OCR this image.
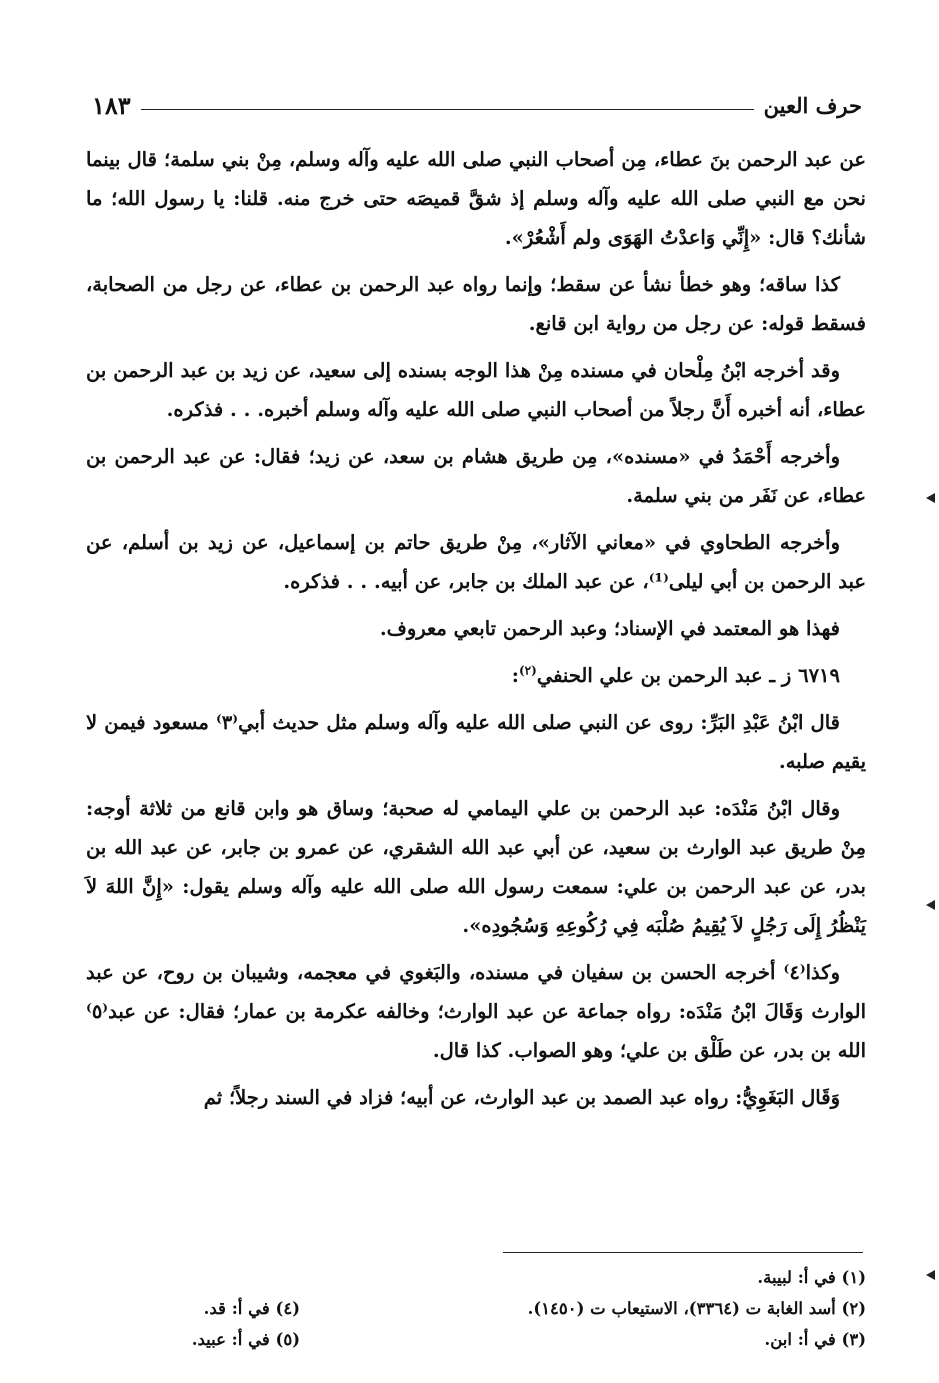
حرف العين
١٨٣

عن عبد الرحمن بنَ عطاء، مِن أصحاب النبي صلى الله عليه وآله وسلم، مِنْ بني سلمة؛ قال بينما نحن مع النبي صلى الله عليه وآله وسلم إذ شقَّ قميصَه حتى خرج منه. قلنا: يا رسول الله؛ ما شأنك؟ قال: «إِنِّي وَاعدْتُ الهَوَى ولم أَشْعُرْ».

كذا ساقه؛ وهو خطأ نشأ عن سقط؛ وإنما رواه عبد الرحمن بن عطاء، عن رجل من الصحابة، فسقط قوله: عن رجل من رواية ابن قانع.

وقد أخرجه ابْنُ مِلْحان في مسنده مِنْ هذا الوجه بسنده إلى سعيد، عن زيد بن عبد الرحمن بن عطاء، أنه أخبره أَنَّ رجلاً من أصحاب النبي صلى الله عليه وآله وسلم أخبره. . . فذكره.

وأخرجه أَحْمَدُ في «مسنده»، مِن طريق هشام بن سعد، عن زيد؛ فقال: عن عبد الرحمن بن عطاء، عن نَفَر من بني سلمة.

وأخرجه الطحاوي في «معاني الآثار»، مِنْ طريق حاتم بن إسماعيل، عن زيد بن أسلم، عن عبد الرحمن بن أبي ليلى⁽¹⁾، عن عبد الملك بن جابر، عن أبيه. . . فذكره.

فهذا هو المعتمد في الإسناد؛ وعبد الرحمن تابعي معروف.

٦٧١٩ ز ـ عبد الرحمن بن علي الحنفي$^{(٢)}$:

قال ابْنُ عَبْدِ البَرِّ: روى عن النبي صلى الله عليه وآله وسلم مثل حديث أبي⁽٣⁾ مسعود فيمن لا يقيم صلبه.

وقال ابْنُ مَنْدَه: عبد الرحمن بن علي اليمامي له صحبة؛ وساق هو وابن قانع من ثلاثة أوجه: مِنْ طريق عبد الوارث بن سعيد، عن أبي عبد الله الشقري، عن عمرو بن جابر، عن عبد الله بن بدر، عن عبد الرحمن بن علي: سمعت رسول الله صلى الله عليه وآله وسلم يقول: «إِنَّ اللهَ لاَ يَنْظُرُ إِلَى رَجُلٍ لاَ يُقِيمُ صُلْبَه فِي رُكُوعِهِ وَسُجُودِه».

وكذا⁽٤⁾ أخرجه الحسن بن سفيان في مسنده، والبَغوي في معجمه، وشيبان بن روح، عن عبد الوارث وَقَالَ ابْنُ مَنْدَه: رواه جماعة عن عبد الوارث؛ وخالفه عكرمة بن عمار؛ فقال: عن عبد⁽٥⁾ الله بن بدر، عن طَلْق بن علي؛ وهو الصواب. كذا قال.

وَقَال البَغَوِيُّ: رواه عبد الصمد بن عبد الوارث، عن أبيه؛ فزاد في السند رجلاً؛ ثم

(١) في أ: لبيبة.
(٢) أسد الغابة ت (٣٣٦٤)، الاستيعاب ت (١٤٥٠).
(٤) في أ: قد.
(٣) في أ: ابن.
(٥) في أ: عبيد.
